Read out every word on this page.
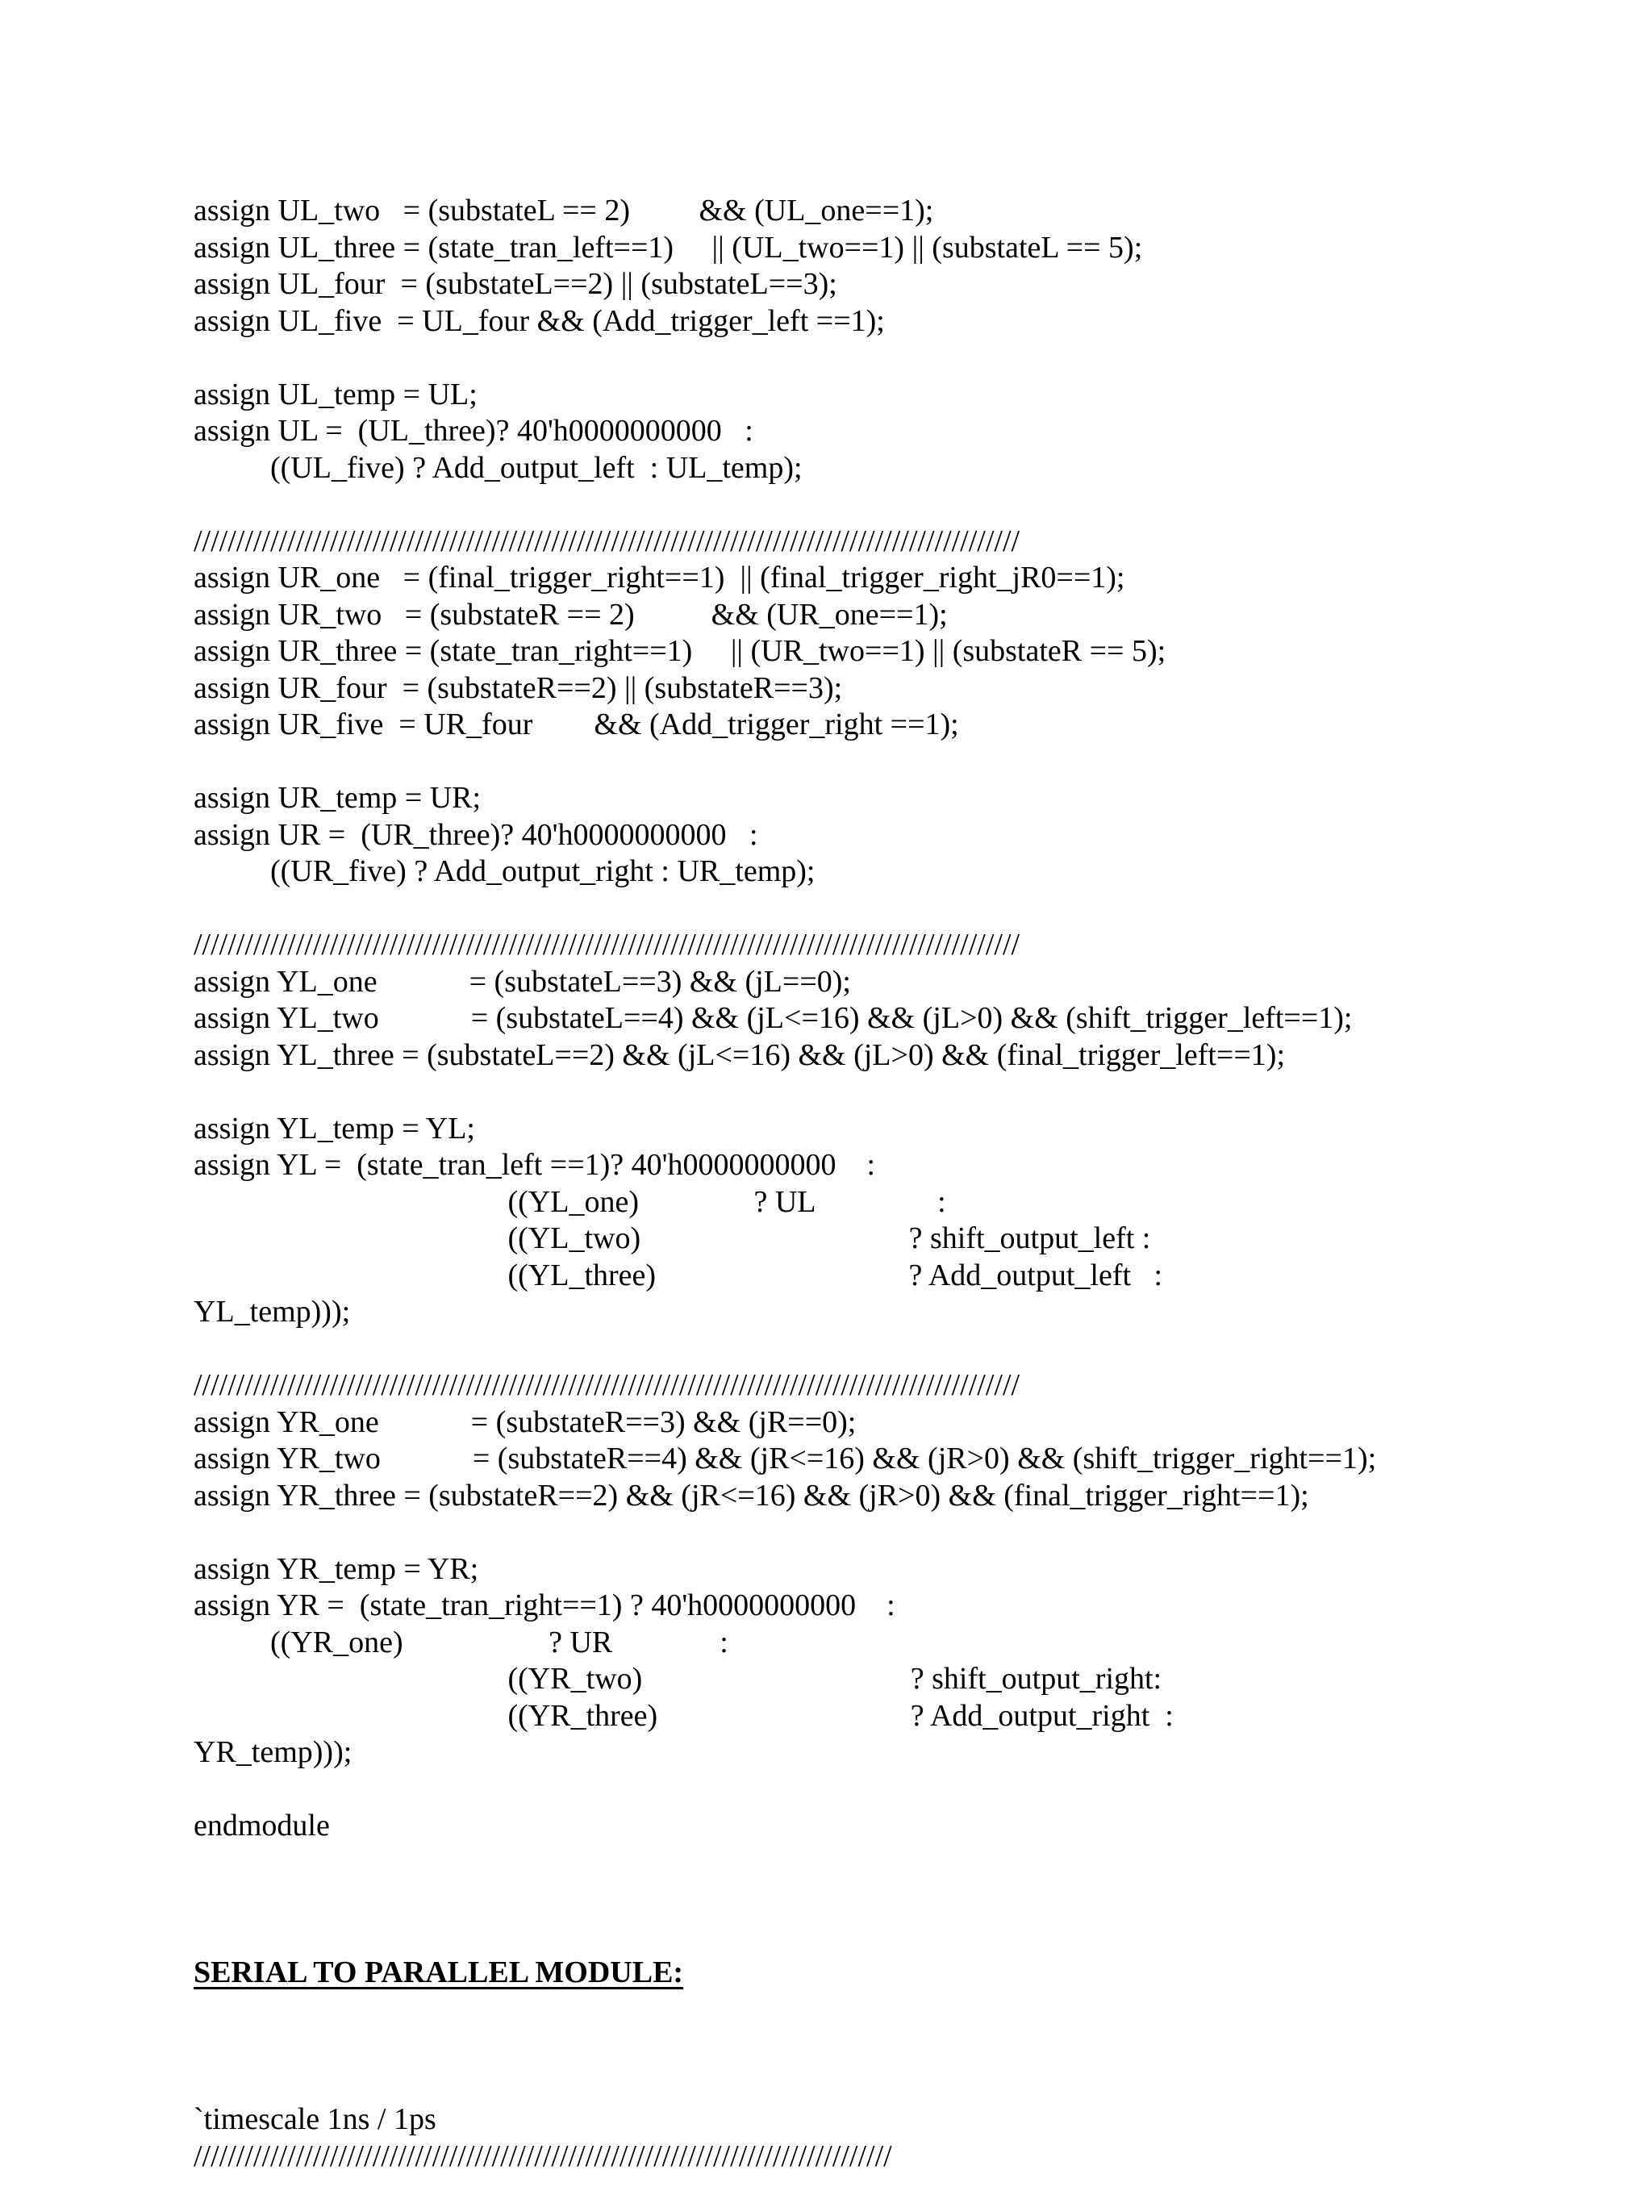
assign UL_two   = (substateL == 2)         && (UL_one==1);
assign UL_three = (state_tran_left==1)     || (UL_two==1) || (substateL == 5);
assign UL_four  = (substateL==2) || (substateL==3);
assign UL_five  = UL_four && (Add_trigger_left ==1);
assign UL_temp = UL;
assign UL =  (UL_three)? 40'h0000000000   :
((UL_five) ? Add_output_left  : UL_temp);
/////////////////////////////////////////////////////////////////////////////////////////////////
assign UR_one   = (final_trigger_right==1)  || (final_trigger_right_jR0==1);
assign UR_two   = (substateR == 2)          && (UR_one==1);
assign UR_three = (state_tran_right==1)     || (UR_two==1) || (substateR == 5);
assign UR_four  = (substateR==2) || (substateR==3);
assign UR_five  = UR_four        && (Add_trigger_right ==1);
assign UR_temp = UR;
assign UR =  (UR_three)? 40'h0000000000   :
((UR_five) ? Add_output_right : UR_temp);
/////////////////////////////////////////////////////////////////////////////////////////////////
assign YL_one            = (substateL==3) && (jL==0);
assign YL_two            = (substateL==4) && (jL<=16) && (jL>0) && (shift_trigger_left==1);
assign YL_three = (substateL==2) && (jL<=16) && (jL>0) && (final_trigger_left==1);
assign YL_temp = YL;
assign YL =  (state_tran_left ==1)? 40'h0000000000    :
((YL_one)               ? UL                :
((YL_two)                                   ? shift_output_left :
((YL_three)                                 ? Add_output_left   :
YL_temp)));
/////////////////////////////////////////////////////////////////////////////////////////////////
assign YR_one            = (substateR==3) && (jR==0);
assign YR_two            = (substateR==4) && (jR<=16) && (jR>0) && (shift_trigger_right==1);
assign YR_three = (substateR==2) && (jR<=16) && (jR>0) && (final_trigger_right==1);
assign YR_temp = YR;
assign YR =  (state_tran_right==1) ? 40'h0000000000    :
((YR_one)                   ? UR              :
((YR_two)                                   ? shift_output_right:
((YR_three)                                 ? Add_output_right  :
YR_temp)));
endmodule

SERIAL TO PARALLEL MODULE:

`timescale 1ns / 1ps
//////////////////////////////////////////////////////////////////////////////////
